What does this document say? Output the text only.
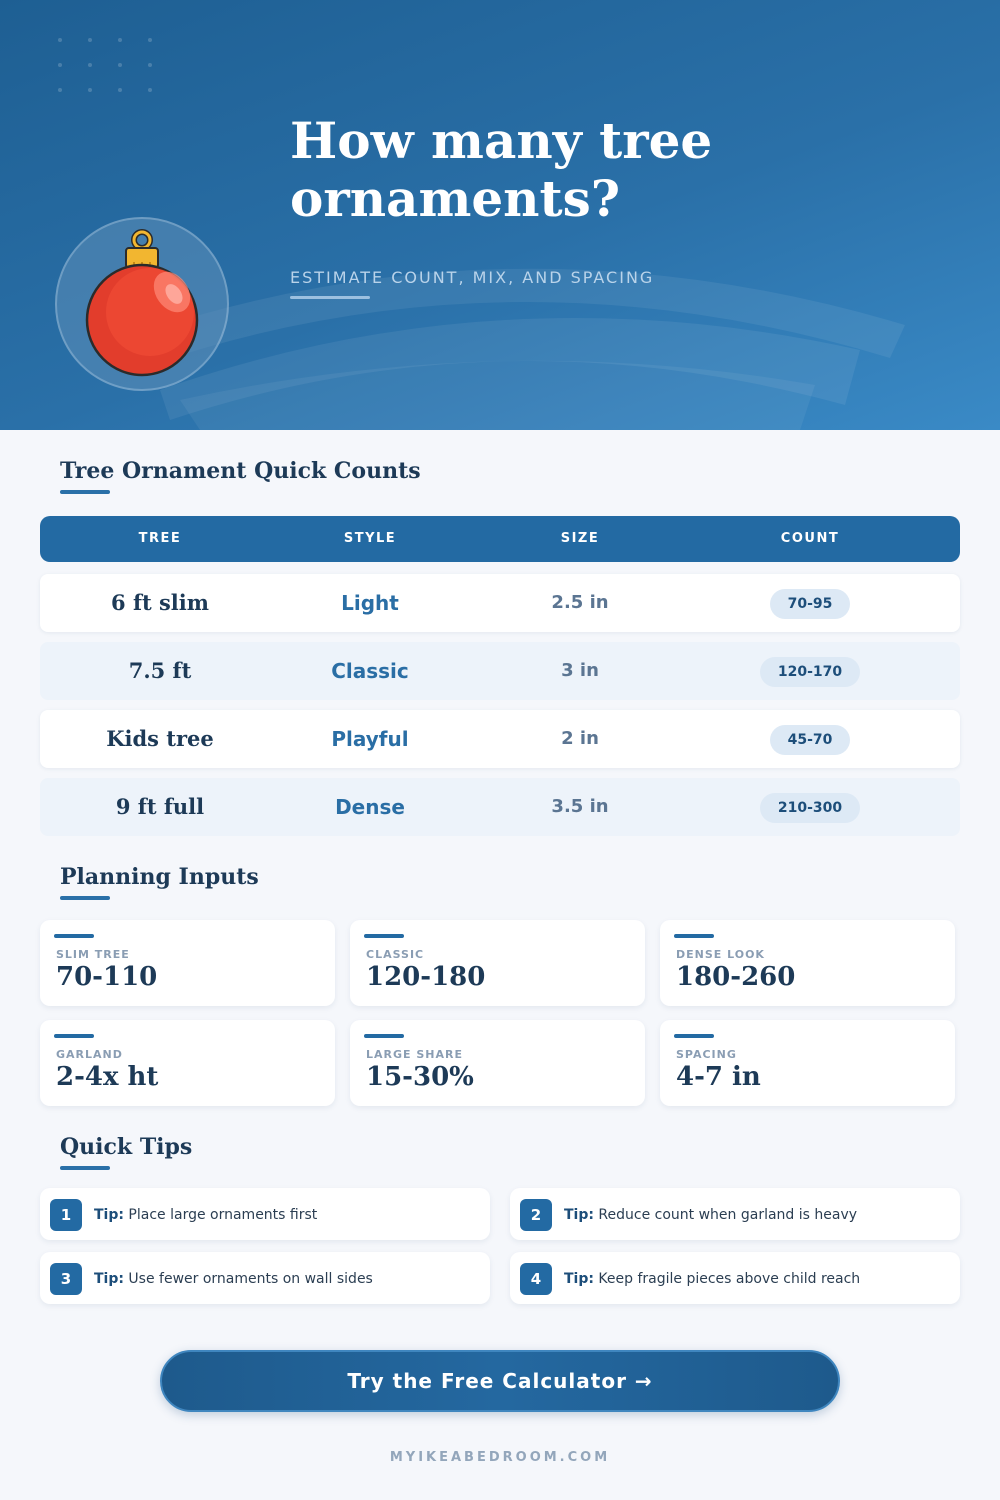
How many tree ornaments?
ESTIMATE COUNT, MIX, AND SPACING
Tree Ornament Quick Counts
TREE	STYLE	SIZE	COUNT
6 ft slim	Light	2.5 in	70-95
7.5 ft	Classic	3 in	120-170
Kids tree	Playful	2 in	45-70
9 ft full	Dense	3.5 in	210-300
Planning Inputs
SLIM TREE
70-110
CLASSIC
120-180
DENSE LOOK
180-260
GARLAND
2-4x ht
LARGE SHARE
15-30%
SPACING
4-7 in
Quick Tips
1	Tip: Place large ornaments first	2	Tip: Reduce count when garland is heavy
3	Tip: Use fewer ornaments on wall sides	4	Tip: Keep fragile pieces above child reach
Try the Free Calculator →
MYIKEABEDROOM.COM
